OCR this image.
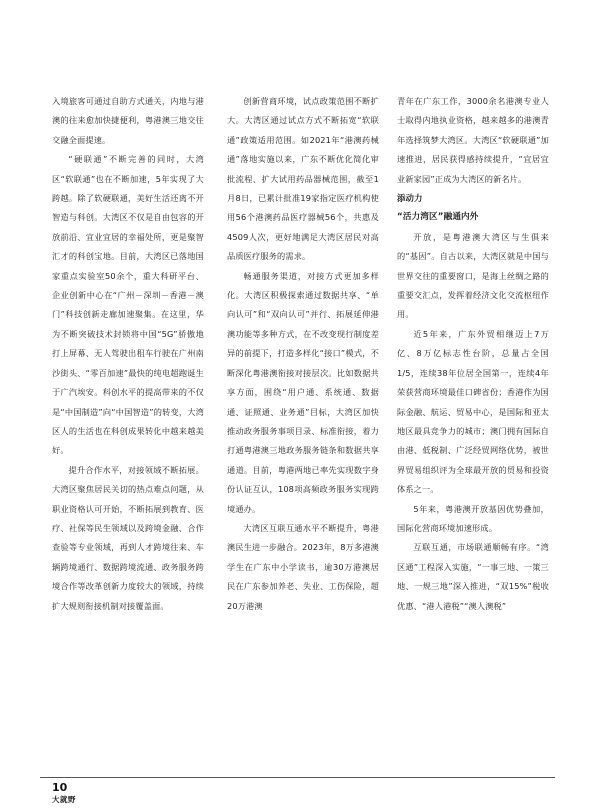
入境旅客可通过自助方式通关，内地与港澳的往来愈加快捷便利，粤港澳三地交往交融全面提速。

“硬联通”不断完善的同时，大湾区“软联通”也在不断加速，5年实现了大跨越。除了软硬联通，美好生活还离不开智造与科创。大湾区不仅是自由包容的开放前沿、宜业宜居的幸福处所，更是聚智汇才的科创宝地。目前，大湾区已落地国家重点实验室50余个，重大科研平台、企业创新中心在“广州－深圳－香港－澳门”科技创新走廊加速聚集。在这里，华为不断突破技术封锁将中国“5G”骄傲地打上屏幕、无人驾驶出租车行驶在广州南沙街头、“零百加速”最快的纯电超跑诞生于广汽埃安。科创水平的提高带来的不仅是“中国制造”向“中国智造”的转变，大湾区人的生活也在科创成果转化中越来越美好。

提升合作水平，对接领域不断拓展。大湾区聚焦居民关切的热点难点问题，从职业资格认可开始，不断拓展到教育、医疗、社保等民生领域以及跨境金融、合作查验等专业领域，再到人才跨境往来、车辆跨境通行、数据跨境流通、政务服务跨境合作等改革创新力度较大的领域，持续扩大规则衔接机制对接覆盖面。

创新营商环境，试点政策范围不断扩大。大湾区通过试点方式不断拓宽“软联通”政策适用范围。如2021年“港澳药械通”落地实施以来，广东不断优化简化审批流程、扩大试用药品器械范围，截至1月8日，已累计批准19家指定医疗机构使用56个港澳药品医疗器械56个，共惠及4509人次，更好地满足大湾区居民对高品质医疗服务的需求。

畅通服务渠道，对接方式更加多样化。大湾区积极探索通过数据共享、“单向认可”和“双向认可”并行、拓展延伸港澳功能等多种方式，在不改变现行制度差异的前提下，打造多样化“接口”模式，不断深化粤港澳衔接对接层次。比如数据共享方面，围绕“用户通、系统通、数据通、证照通、业务通”目标，大湾区加快推动政务服务事项目录、标准衔接，着力打通粤港澳三地政务服务链条和数据共享通道。目前，粤港两地已率先实现数字身份认证互认，108项高频政务服务实现跨境通办。

大湾区互联互通水平不断提升，粤港澳民生进一步融合。2023年，8万多港澳学生在广东中小学读书，逾30万港澳居民在广东参加养老、失业、工伤保险，超20万港澳

青年在广东工作，3000余名港澳专业人士取得内地执业资格，越来越多的港澳青年选择筑梦大湾区。大湾区“软硬联通”加速推进，居民获得感持续提升，“宜居宜业新家园”正成为大湾区的新名片。

添动力

“活力湾区”融通内外

开放，是粤港澳大湾区与生俱来的“基因”。自古以来，大湾区就是中国与世界交往的重要窗口，是海上丝绸之路的重要交汇点，发挥着经济文化交流枢纽作用。

近5年来，广东外贸相继迈上7万亿、8万亿标志性台阶，总量占全国1/5，连续38年位居全国第一，连续4年荣获营商环境最佳口碑省份；香港作为国际金融、航运、贸易中心，是国际和亚太地区最具竞争力的城市；澳门拥有国际自由港、低税制、广泛经贸网络优势，被世界贸易组织评为全球最开放的贸易和投资体系之一。

5年来，粤港澳开放基因优势叠加，国际化营商环境加速形成。

互联互通，市场联通顺畅有序。“湾区通”工程深入实施，“一事三地、一策三地、一规三地”深入推进，“双15%”税收优惠、“港人港税”“澳人澳税”

10
大就野
